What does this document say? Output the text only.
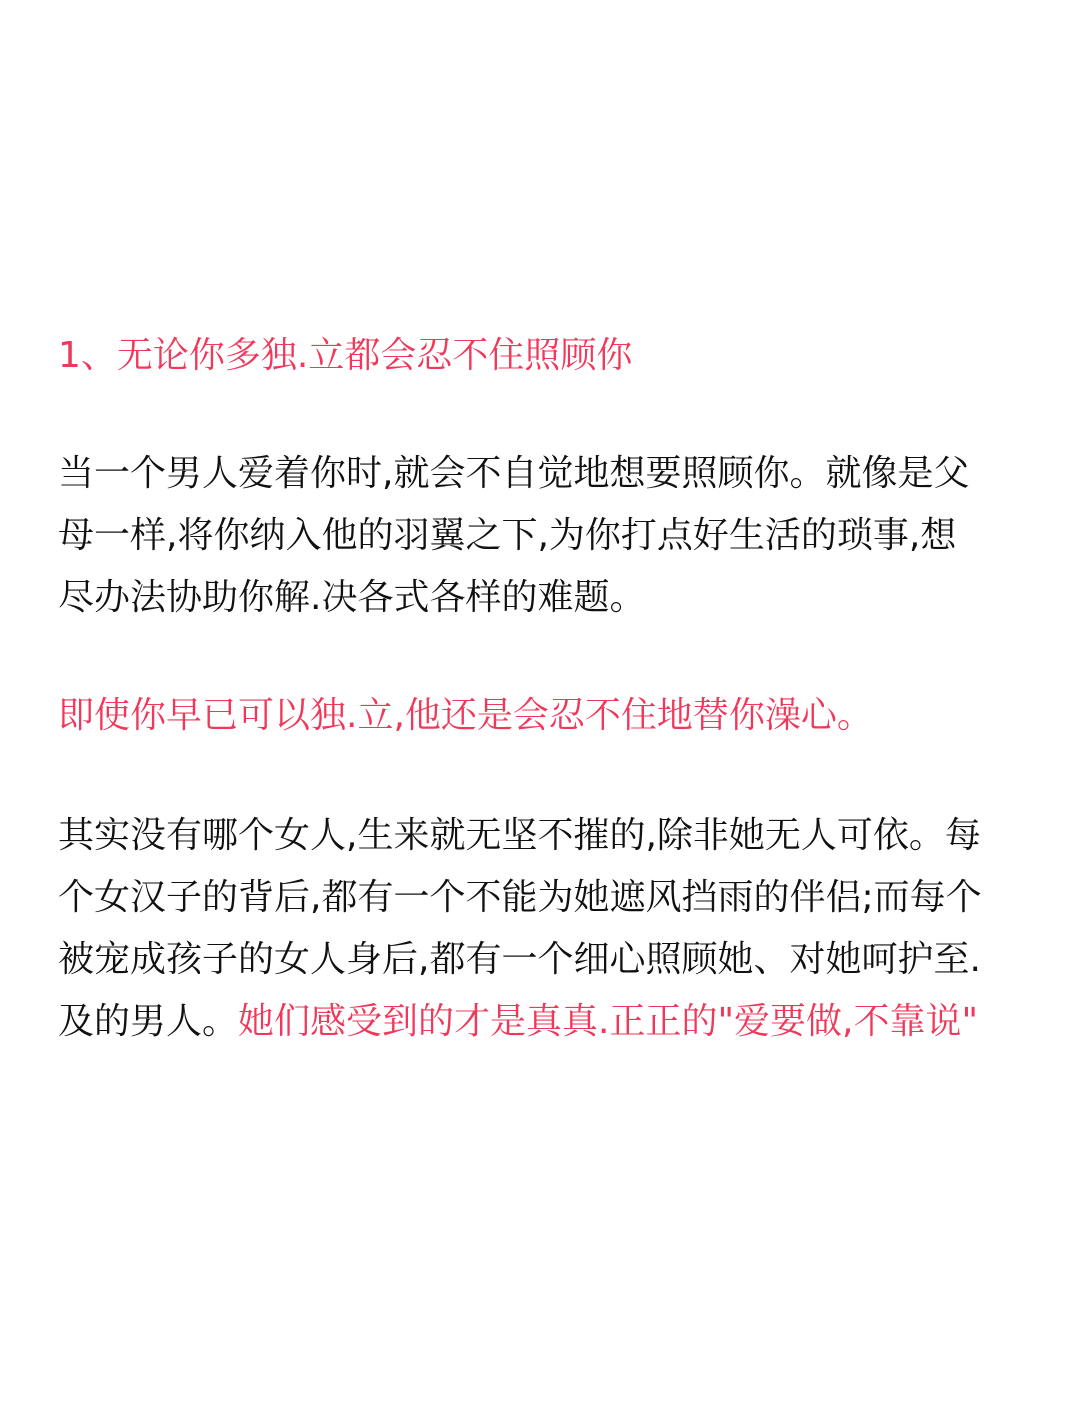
1、无论你多独.立都会忍不住照顾你

当一个男人爱着你时,就会不自觉地想要照顾你。就像是父
母一样,将你纳入他的羽翼之下,为你打点好生活的琐事,想
尽办法协助你解.决各式各样的难题。

即使你早已可以独.立,他还是会忍不住地替你澡心。

其实没有哪个女人,生来就无坚不摧的,除非她无人可依。每
个女汉子的背后,都有一个不能为她遮风挡雨的伴侣;而每个
被宠成孩子的女人身后,都有一个细心照顾她、对她呵护至.
及的男人。她们感受到的才是真真.正正的"爱要做,不靠说"
